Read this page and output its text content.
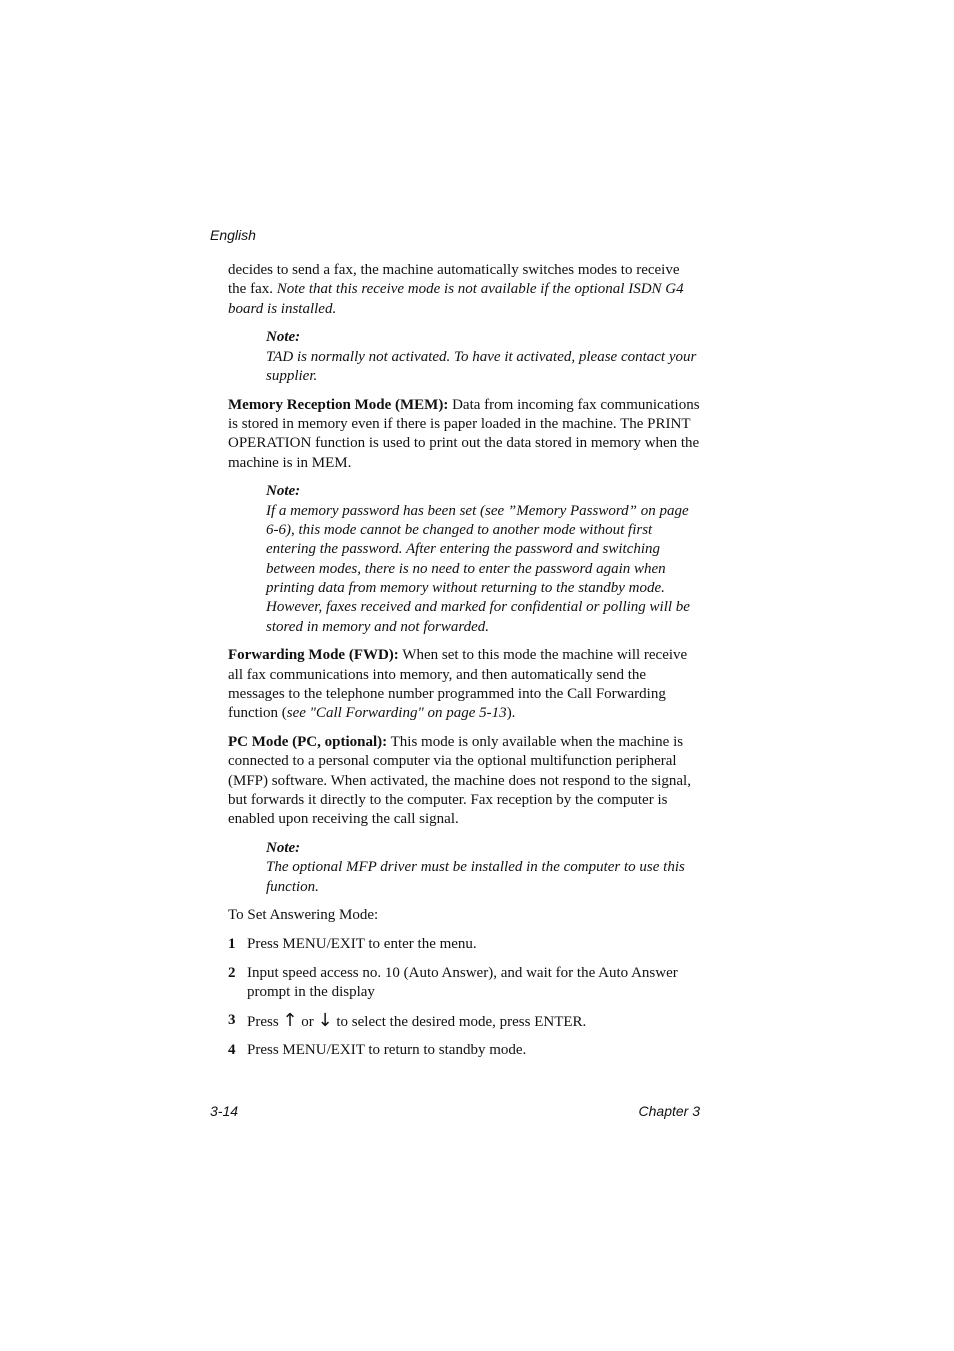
English

decides to send a fax, the machine automatically switches modes to receive the fax. Note that this receive mode is not available if the optional ISDN G4 board is installed.

Note:
TAD is normally not activated. To have it activated, please contact your supplier.

Memory Reception Mode (MEM): Data from incoming fax communications is stored in memory even if there is paper loaded in the machine. The PRINT OPERATION function is used to print out the data stored in memory when the machine is in MEM.

Note:
If a memory password has been set (see ”Memory Password” on page 6-6), this mode cannot be changed to another mode without first entering the password. After entering the password and switching between modes, there is no need to enter the password again when printing data from memory without returning to the standby mode. However, faxes received and marked for confidential or polling will be stored in memory and not forwarded.

Forwarding Mode (FWD): When set to this mode the machine will receive all fax communications into memory, and then automatically send the messages to the telephone number programmed into the Call Forwarding function (see "Call Forwarding" on page 5-13).

PC Mode (PC, optional): This mode is only available when the machine is connected to a personal computer via the optional multifunction peripheral (MFP) software. When activated, the machine does not respond to the signal, but forwards it directly to the computer. Fax reception by the computer is enabled upon receiving the call signal.

Note:
The optional MFP driver must be installed in the computer to use this function.

To Set Answering Mode:

1 Press MENU/EXIT to enter the menu.
2 Input speed access no. 10 (Auto Answer), and wait for the Auto Answer prompt in the display
3 Press ↑ or ↓ to select the desired mode, press ENTER.
4 Press MENU/EXIT to return to standby mode.
3-14	Chapter 3
